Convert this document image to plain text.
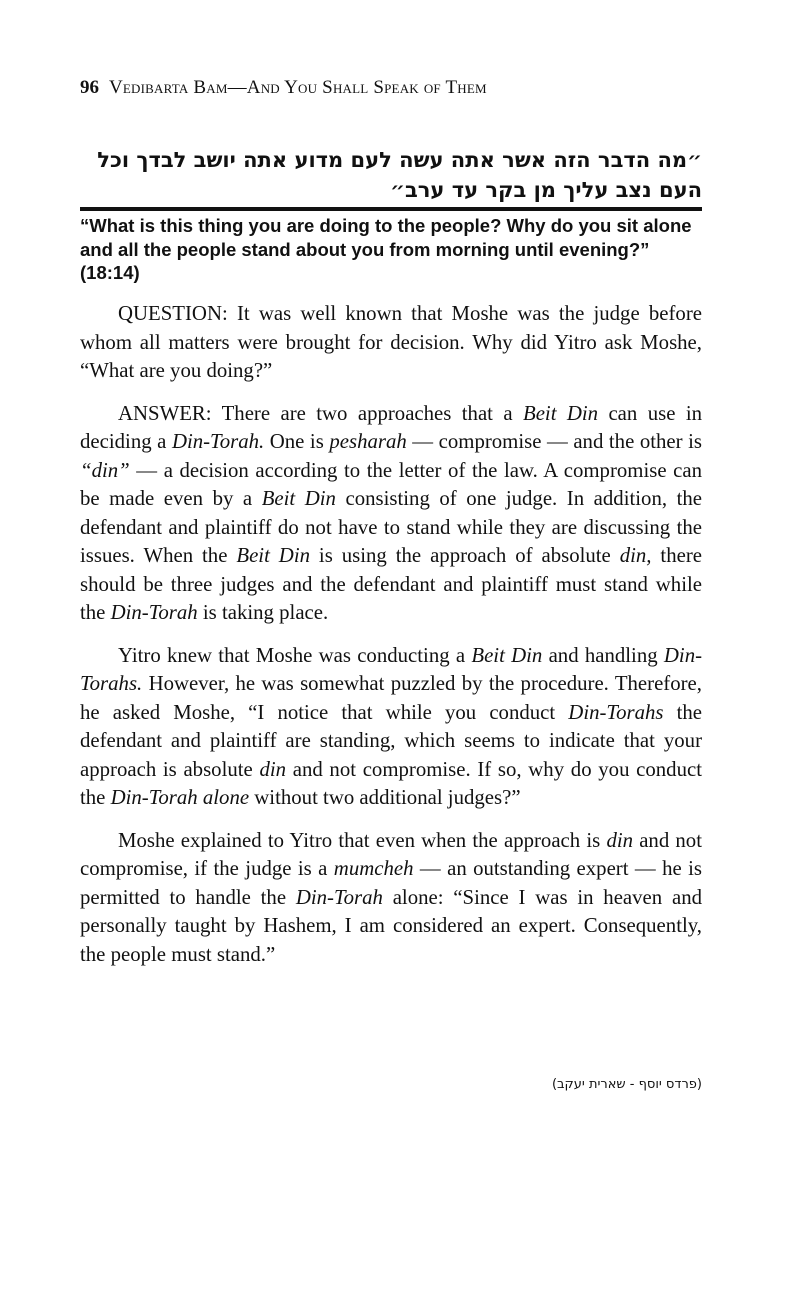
96 Vedibarta Bam—And You Shall Speak of Them
״מה הדבר הזה אשר אתה עשה לעם מדוע אתה יושב לבדך וכל
העם נצב עליך מן בקר עד ערב״
“What is this thing you are doing to the people? Why do you sit alone and all the people stand about you from morning until evening?” (18:14)

QUESTION: It was well known that Moshe was the judge before whom all matters were brought for decision. Why did Yitro ask Moshe, “What are you doing?”

ANSWER: There are two approaches that a Beit Din can use in deciding a Din-Torah. One is pesharah — compromise — and the other is “din” — a decision according to the letter of the law. A compromise can be made even by a Beit Din consisting of one judge. In addition, the defendant and plaintiff do not have to stand while they are discussing the issues. When the Beit Din is using the approach of absolute din, there should be three judges and the defendant and plaintiff must stand while the Din-Torah is taking place.

Yitro knew that Moshe was conducting a Beit Din and handling Din-Torahs. However, he was somewhat puzzled by the procedure. Therefore, he asked Moshe, “I notice that while you conduct Din-Torahs the defendant and plaintiff are standing, which seems to indicate that your approach is absolute din and not compromise. If so, why do you conduct the Din-Torah alone without two additional judges?”

Moshe explained to Yitro that even when the approach is din and not compromise, if the judge is a mumcheh — an outstanding expert — he is permitted to handle the Din-Torah alone: “Since I was in heaven and personally taught by Hashem, I am considered an expert. Consequently, the people must stand.”

(פרדס יוסף - שארית יעקב)
